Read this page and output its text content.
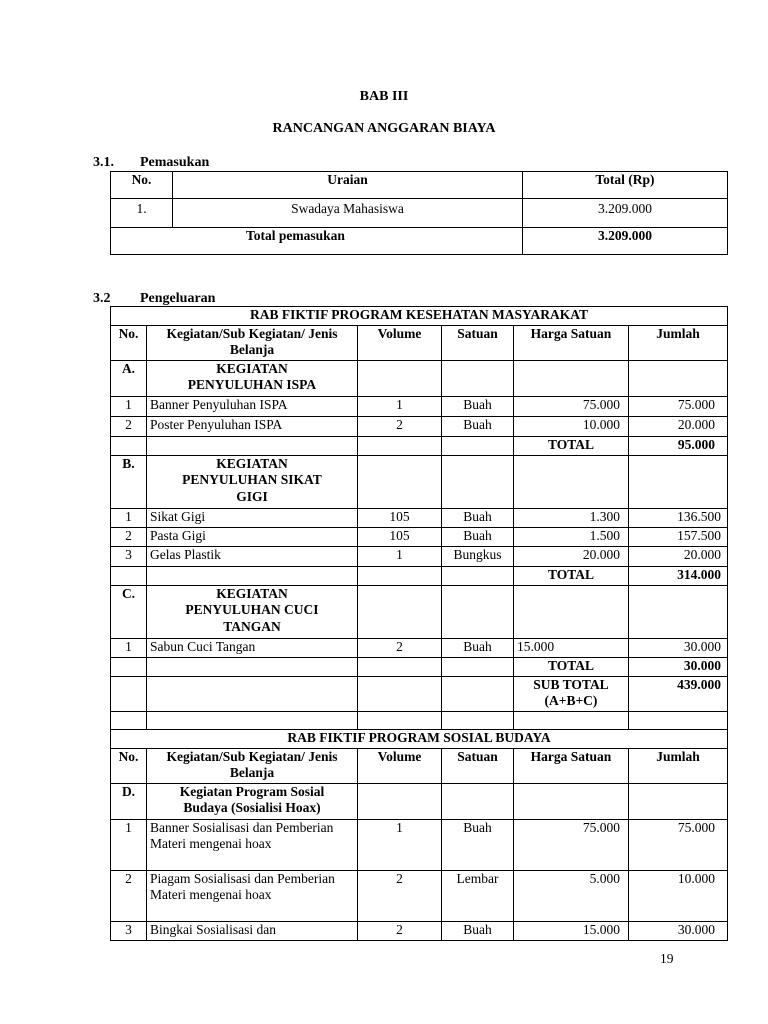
BAB III
RANCANGAN ANGGARAN BIAYA
3.1. Pemasukan
No.	Uraian	Total (Rp)
1.	Swadaya Mahasiswa	3.209.000
Total pemasukan		3.209.000
3.2 Pengeluaran
RAB FIKTIF PROGRAM KESEHATAN MASYARAKAT					
No.	Kegiatan/Sub Kegiatan/ Jenis Belanja	Volume	Satuan	Harga Satuan	Jumlah
A.	KEGIATAN PENYULUHAN ISPA				
1	Banner Penyuluhan ISPA	1	Buah	75.000	75.000
2	Poster Penyuluhan ISPA	2	Buah	10.000	20.000
				TOTAL	95.000
B.	KEGIATAN PENYULUHAN SIKAT GIGI				
1	Sikat Gigi	105	Buah	1.300	136.500
2	Pasta Gigi	105	Buah	1.500	157.500
3	Gelas Plastik	1	Bungkus	20.000	20.000
				TOTAL	314.000
C.	KEGIATAN PENYULUHAN CUCI TANGAN				
1	Sabun Cuci Tangan	2	Buah	15.000	30.000
				TOTAL	30.000
				SUB TOTAL (A+B+C)	439.000

RAB FIKTIF PROGRAM SOSIAL BUDAYA					
No.	Kegiatan/Sub Kegiatan/ Jenis Belanja	Volume	Satuan	Harga Satuan	Jumlah
D.	Kegiatan Program Sosial Budaya (Sosialisi Hoax)				
1	Banner Sosialisasi dan Pemberian Materi mengenai hoax	1	Buah	75.000	75.000
2	Piagam Sosialisasi dan Pemberian Materi mengenai hoax	2	Lembar	5.000	10.000
3	Bingkai Sosialisasi dan	2	Buah	15.000	30.000
19
